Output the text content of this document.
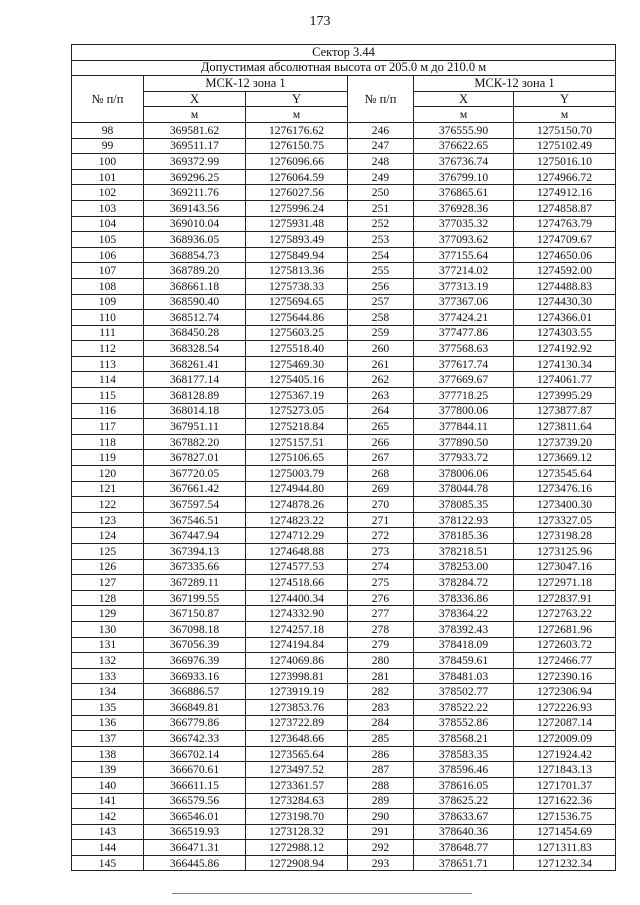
173
Сектор 3.44					
Допустимая абсолютная высота от 205.0 м до 210.0 м					
№ п/п	МСК-12 зона 1		№ п/п	МСК-12 зона 1	
	X	Y		X	Y
	м	м		м	м
98	369581.62	1276176.62	246	376555.90	1275150.70
99	369511.17	1276150.75	247	376622.65	1275102.49
100	369372.99	1276096.66	248	376736.74	1275016.10
101	369296.25	1276064.59	249	376799.10	1274966.72
102	369211.76	1276027.56	250	376865.61	1274912.16
103	369143.56	1275996.24	251	376928.36	1274858.87
104	369010.04	1275931.48	252	377035.32	1274763.79
105	368936.05	1275893.49	253	377093.62	1274709.67
106	368854.73	1275849.94	254	377155.64	1274650.06
107	368789.20	1275813.36	255	377214.02	1274592.00
108	368661.18	1275738.33	256	377313.19	1274488.83
109	368590.40	1275694.65	257	377367.06	1274430.30
110	368512.74	1275644.86	258	377424.21	1274366.01
111	368450.28	1275603.25	259	377477.86	1274303.55
112	368328.54	1275518.40	260	377568.63	1274192.92
113	368261.41	1275469.30	261	377617.74	1274130.34
114	368177.14	1275405.16	262	377669.67	1274061.77
115	368128.89	1275367.19	263	377718.25	1273995.29
116	368014.18	1275273.05	264	377800.06	1273877.87
117	367951.11	1275218.84	265	377844.11	1273811.64
118	367882.20	1275157.51	266	377890.50	1273739.20
119	367827.01	1275106.65	267	377933.72	1273669.12
120	367720.05	1275003.79	268	378006.06	1273545.64
121	367661.42	1274944.80	269	378044.78	1273476.16
122	367597.54	1274878.26	270	378085.35	1273400.30
123	367546.51	1274823.22	271	378122.93	1273327.05
124	367447.94	1274712.29	272	378185.36	1273198.28
125	367394.13	1274648.88	273	378218.51	1273125.96
126	367335.66	1274577.53	274	378253.00	1273047.16
127	367289.11	1274518.66	275	378284.72	1272971.18
128	367199.55	1274400.34	276	378336.86	1272837.91
129	367150.87	1274332.90	277	378364.22	1272763.22
130	367098.18	1274257.18	278	378392.43	1272681.96
131	367056.39	1274194.84	279	378418.09	1272603.72
132	366976.39	1274069.86	280	378459.61	1272466.77
133	366933.16	1273998.81	281	378481.03	1272390.16
134	366886.57	1273919.19	282	378502.77	1272306.94
135	366849.81	1273853.76	283	378522.22	1272226.93
136	366779.86	1273722.89	284	378552.86	1272087.14
137	366742.33	1273648.66	285	378568.21	1272009.09
138	366702.14	1273565.64	286	378583.35	1271924.42
139	366670.61	1273497.52	287	378596.46	1271843.13
140	366611.15	1273361.57	288	378616.05	1271701.37
141	366579.56	1273284.63	289	378625.22	1271622.36
142	366546.01	1273198.70	290	378633.67	1271536.75
143	366519.93	1273128.32	291	378640.36	1271454.69
144	366471.31	1272988.12	292	378648.77	1271311.83
145	366445.86	1272908.94	293	378651.71	1271232.34
